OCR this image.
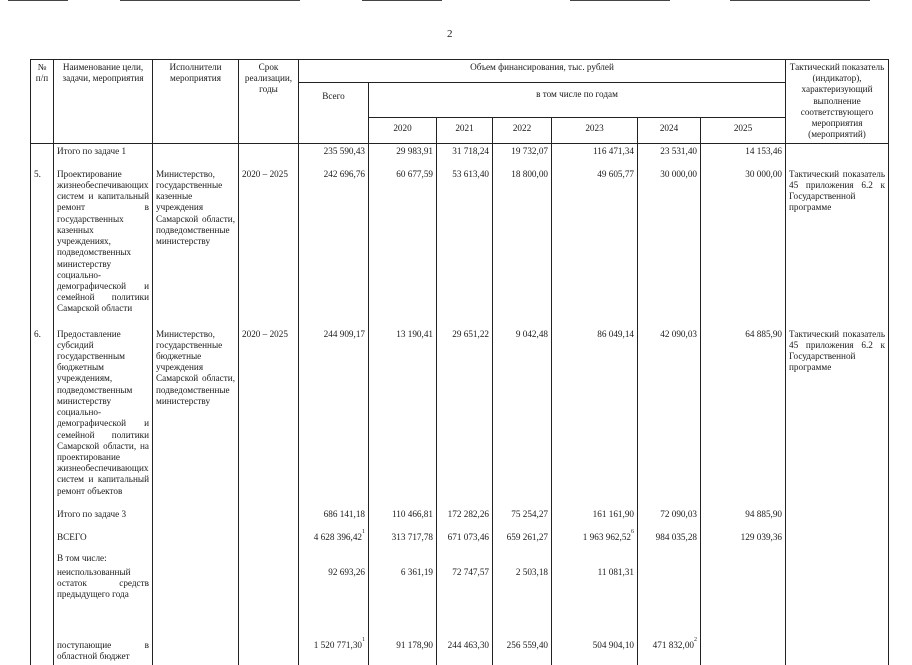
2
№ п/п	Наименование цели, задачи, мероприятия	Исполнители мероприятия	Срок реализации, годы	Объем финансирования, тыс. рублей							Тактический показатель (индикатор), характеризующий выполнение соответствующего мероприятия (мероприятий)
				Всего	в том числе по годам						
					2020	2021	2022	2023	2024	2025	
	Итого по задаче 1			235 590,43	29 983,91	31 718,24	19 732,07	116 471,34	23 531,40	14 153,46	
5.	Проектирование жизнеобеспечивающих систем и капитальный ремонт в государственных казенных учреждениях, подведомственных министерству социально-демографической и семейной политики Самарской области	Министерство, государственные казенные учреждения Самарской области, подведомственные министерству	2020 – 2025	242 696,76	60 677,59	53 613,40	18 800,00	49 605,77	30 000,00	30 000,00	Тактический показатель 45 приложения 6.2 к Государственной программе
6.	Предоставление субсидий государственным бюджетным учреждениям, подведомственным министерству социально-демографической и семейной политики Самарской области, на проектирование жизнеобеспечивающих систем и капитальный ремонт объектов	Министерство, государственные бюджетные учреждения Самарской области, подведомственные министерству	2020 – 2025	244 909,17	13 190,41	29 651,22	9 042,48	86 049,14	42 090,03	64 885,90	Тактический показатель 45 приложения 6.2 к Государственной программе
	Итого по задаче 3			686 141,18	110 466,81	172 282,26	75 254,27	161 161,90	72 090,03	94 885,90	
	ВСЕГО			4 628 396,42$^1$	313 717,78	671 073,46	659 261,27	1 963 962,52$^6$	984 035,28	129 039,36	
	В том числе:										
	неиспользованный остаток средств предыдущего года			92 693,26	6 361,19	72 747,57	2 503,18	11 081,31			
	поступающие в областной бюджет			1 520 771,30$^1$	91 178,90	244 463,30	256 559,40	504 904,10	471 832,00$^2$		
